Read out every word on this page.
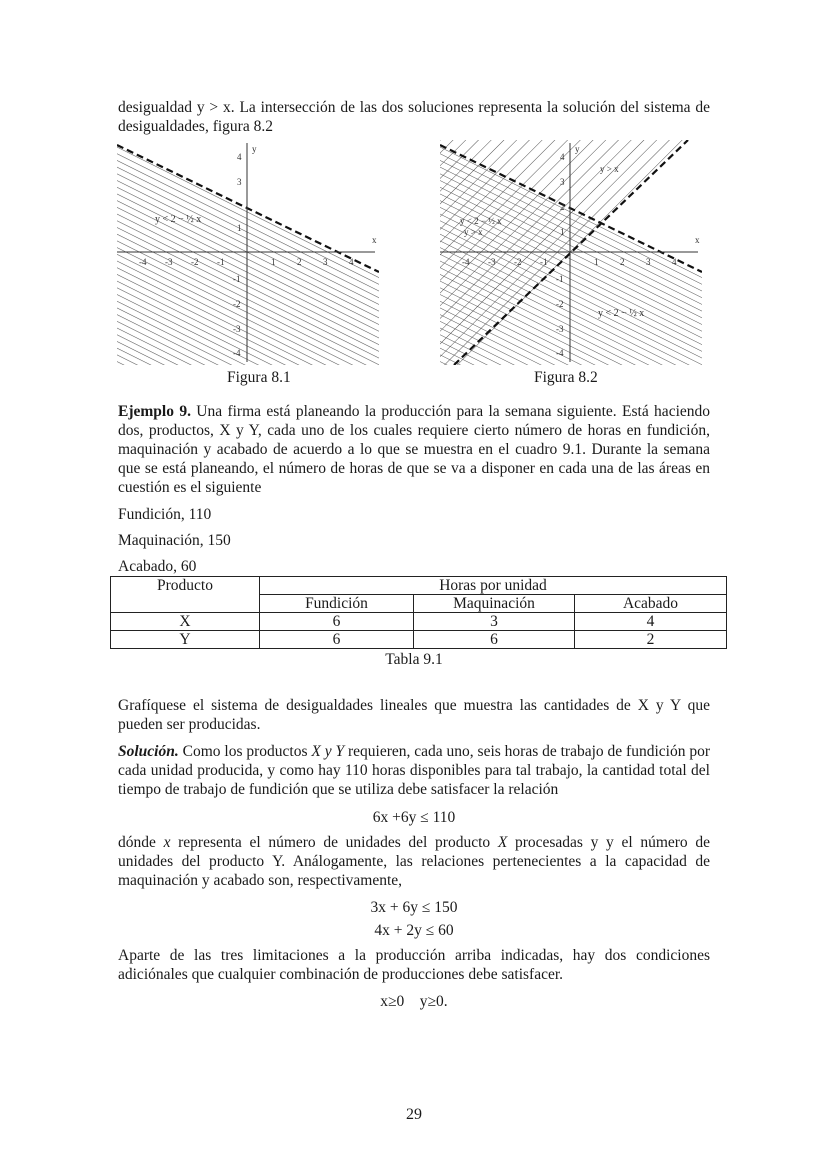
desigualdad y > x. La intersección de las dos soluciones representa la solución del sistema de desigualdades, figura 8.2

x
y
-4 -3 -2 -1	1 2 3 4
4
3
1
-1
-2
-3
-4
y < 2 − ½ x
Figura 8.1
x
y
-4 -3 -2 -1	1 2 3 4
4
3
2
1
-1
-2
-3
-4
y > x
y < 2 − ½ x
y > x
y < 2 − ½ x
Figura 8.2

Ejemplo 9. Una firma está planeando la producción para la semana siguiente. Está haciendo dos, productos, X y Y, cada uno de los cuales requiere cierto número de horas en fundición, maquinación y acabado de acuerdo a lo que se muestra en el cuadro 9.1. Durante la semana que se está planeando, el número de horas de que se va a disponer en cada una de las áreas en cuestión es el siguiente

Fundición, 110

Maquinación, 150

Acabado, 60

Producto	Horas por unidad		
	Fundición	Maquinación	Acabado
X	6	3	4
Y	6	6	2
Tabla 9.1

Grafíquese el sistema de desigualdades lineales que muestra las cantidades de X y Y que pueden ser producidas.

Solución. Como los productos X y Y requieren, cada uno, seis horas de trabajo de fundición por cada unidad producida, y como hay 110 horas disponibles para tal trabajo, la cantidad total del tiempo de trabajo de fundición que se utiliza debe satisfacer la relación

6x +6y ≤ 110

dónde x representa el número de unidades del producto X procesadas y y el número de unidades del producto Y. Análogamente, las relaciones pertenecientes a la capacidad de maquinación y acabado son, respectivamente,

3x + 6y ≤ 150
4x + 2y ≤ 60

Aparte de las tres limitaciones a la producción arriba indicadas, hay dos condiciones adiciónales que cualquier combinación de producciones debe satisfacer.

x≥0    y≥0.
29
